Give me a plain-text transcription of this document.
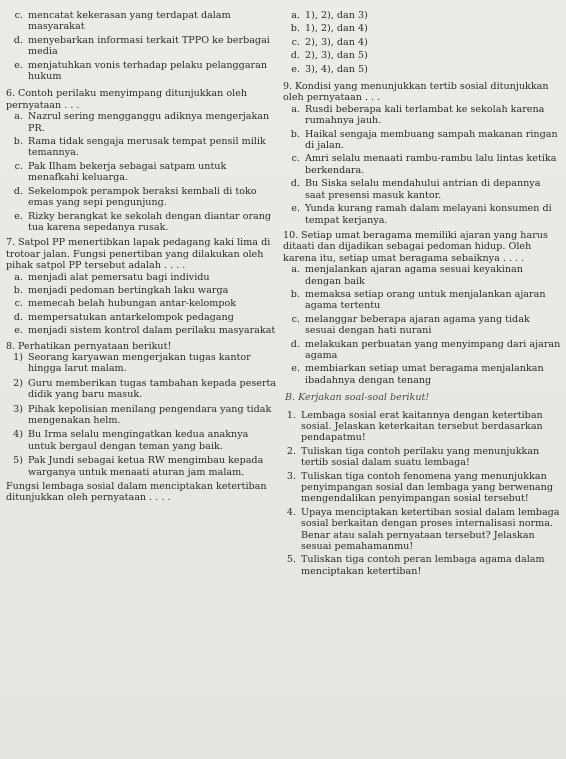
c. mencatat kekerasan yang terdapat dalam masyarakat
d. menyebarkan informasi terkait TPPO ke berbagai media
e. menjatuhkan vonis terhadap pelaku pelanggaran hukum
6. Contoh perilaku menyimpang ditunjukkan oleh pernyataan . . .
a. Nazrul sering mengganggu adiknya mengerjakan PR.
b. Rama tidak sengaja merusak tempat pensil milik temannya.
c. Pak Ilham bekerja sebagai satpam untuk menafkahi keluarga.
d. Sekelompok perampok beraksi kembali di toko emas yang sepi pengunjung.
e. Rizky berangkat ke sekolah dengan diantar orang tua karena sepedanya rusak.
7. Satpol PP menertibkan lapak pedagang kaki lima di trotoar jalan. Fungsi penertiban yang dilakukan oleh pihak satpol PP tersebut adalah . . . .
a. menjadi alat pemersatu bagi individu
b. menjadi pedoman bertingkah laku warga
c. memecah belah hubungan antar-kelompok
d. mempersatukan antarkelompok pedagang
e. menjadi sistem kontrol dalam perilaku masyarakat
8. Perhatikan pernyataan berikut!
1) Seorang karyawan mengerjakan tugas kantor hingga larut malam.
2) Guru memberikan tugas tambahan kepada peserta didik yang baru masuk.
3) Pihak kepolisian menilang pengendara yang tidak mengenakan helm.
4) Bu Irma selalu mengingatkan kedua anaknya untuk bergaul dengan teman yang baik.
5) Pak Jundi sebagai ketua RW mengimbau kepada warganya untuk menaati aturan jam malam.
Fungsi lembaga sosial dalam menciptakan ketertiban ditunjukkan oleh pernyataan . . . .
a. 1), 2), dan 3)
b. 1), 2), dan 4)
c. 2), 3), dan 4)
d. 2), 3), dan 5)
e. 3), 4), dan 5)
9. Kondisi yang menunjukkan tertib sosial ditunjukkan oleh pernyataan . . .
a. Rusdi beberapa kali terlambat ke sekolah karena rumahnya jauh.
b. Haikal sengaja membuang sampah makanan ringan di jalan.
c. Amri selalu menaati rambu-rambu lalu lintas ketika berkendara.
d. Bu Siska selalu mendahului antrian di depannya saat presensi masuk kantor.
e. Yunda kurang ramah dalam melayani konsumen di tempat kerjanya.
10. Setiap umat beragama memiliki ajaran yang harus ditaati dan dijadikan sebagai pedoman hidup. Oleh karena itu, setiap umat beragama sebaiknya . . . .
a. menjalankan ajaran agama sesuai keyakinan dengan baik
b. memaksa setiap orang untuk menjalankan ajaran agama tertentu
c. melanggar beberapa ajaran agama yang tidak sesuai dengan hati nurani
d. melakukan perbuatan yang menyimpang dari ajaran agama
e. membiarkan setiap umat beragama menjalankan ibadahnya dengan tenang
B. Kerjakan soal-soal berikut!
1. Lembaga sosial erat kaitannya dengan ketertiban sosial. Jelaskan keterkaitan tersebut berdasarkan pendapatmu!
2. Tuliskan tiga contoh perilaku yang menunjukkan tertib sosial dalam suatu lembaga!
3. Tuliskan tiga contoh fenomena yang menunjukkan penyimpangan sosial dan lembaga yang berwenang mengendalikan penyimpangan sosial tersebut!
4. Upaya menciptakan ketertiban sosial dalam lembaga sosial berkaitan dengan proses internalisasi norma. Benar atau salah pernyataan tersebut? Jelaskan sesuai pemahamanmu!
5. Tuliskan tiga contoh peran lembaga agama dalam menciptakan ketertiban!
